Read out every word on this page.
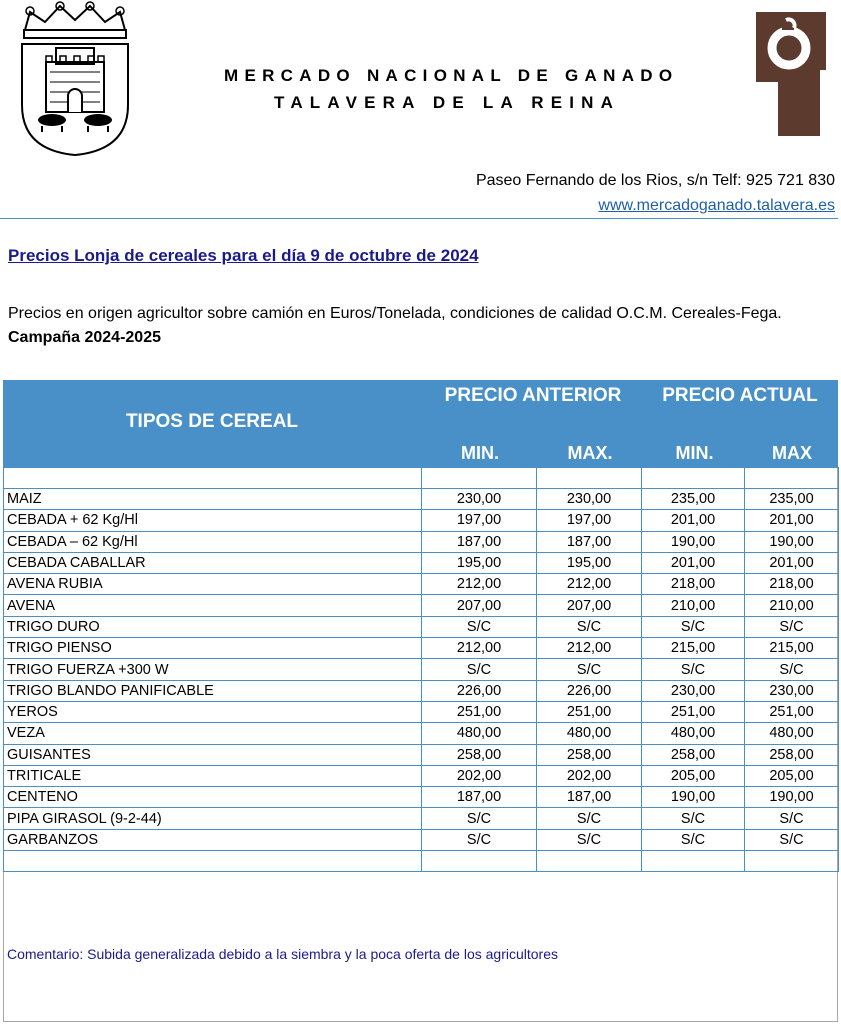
MERCADO NACIONAL DE GANADO
TALAVERA DE LA REINA
Paseo Fernando de los Rios, s/n Telf: 925 721 830
www.mercadoganado.talavera.es
Precios Lonja de cereales para el día 9 de octubre de 2024
Precios en origen agricultor sobre camión en Euros/Tonelada, condiciones de calidad O.C.M. Cereales-Fega. Campaña 2024-2025
TIPOS DE CEREAL
PRECIO ANTERIOR	PRECIO ACTUAL
MIN.	MAX.	MIN.	MAX

MAIZ	230,00	230,00	235,00	235,00
CEBADA + 62 Kg/Hl	197,00	197,00	201,00	201,00
CEBADA – 62 Kg/Hl	187,00	187,00	190,00	190,00
CEBADA CABALLAR	195,00	195,00	201,00	201,00
AVENA RUBIA	212,00	212,00	218,00	218,00
AVENA	207,00	207,00	210,00	210,00
TRIGO DURO	S/C	S/C	S/C	S/C
TRIGO PIENSO	212,00	212,00	215,00	215,00
TRIGO FUERZA +300 W	S/C	S/C	S/C	S/C
TRIGO BLANDO PANIFICABLE	226,00	226,00	230,00	230,00
YEROS	251,00	251,00	251,00	251,00
VEZA	480,00	480,00	480,00	480,00
GUISANTES	258,00	258,00	258,00	258,00
TRITICALE	202,00	202,00	205,00	205,00
CENTENO	187,00	187,00	190,00	190,00
PIPA GIRASOL (9-2-44)	S/C	S/C	S/C	S/C
GARBANZOS	S/C	S/C	S/C	S/C

Comentario: Subida generalizada debido a la siembra y la poca oferta de los agricultores
